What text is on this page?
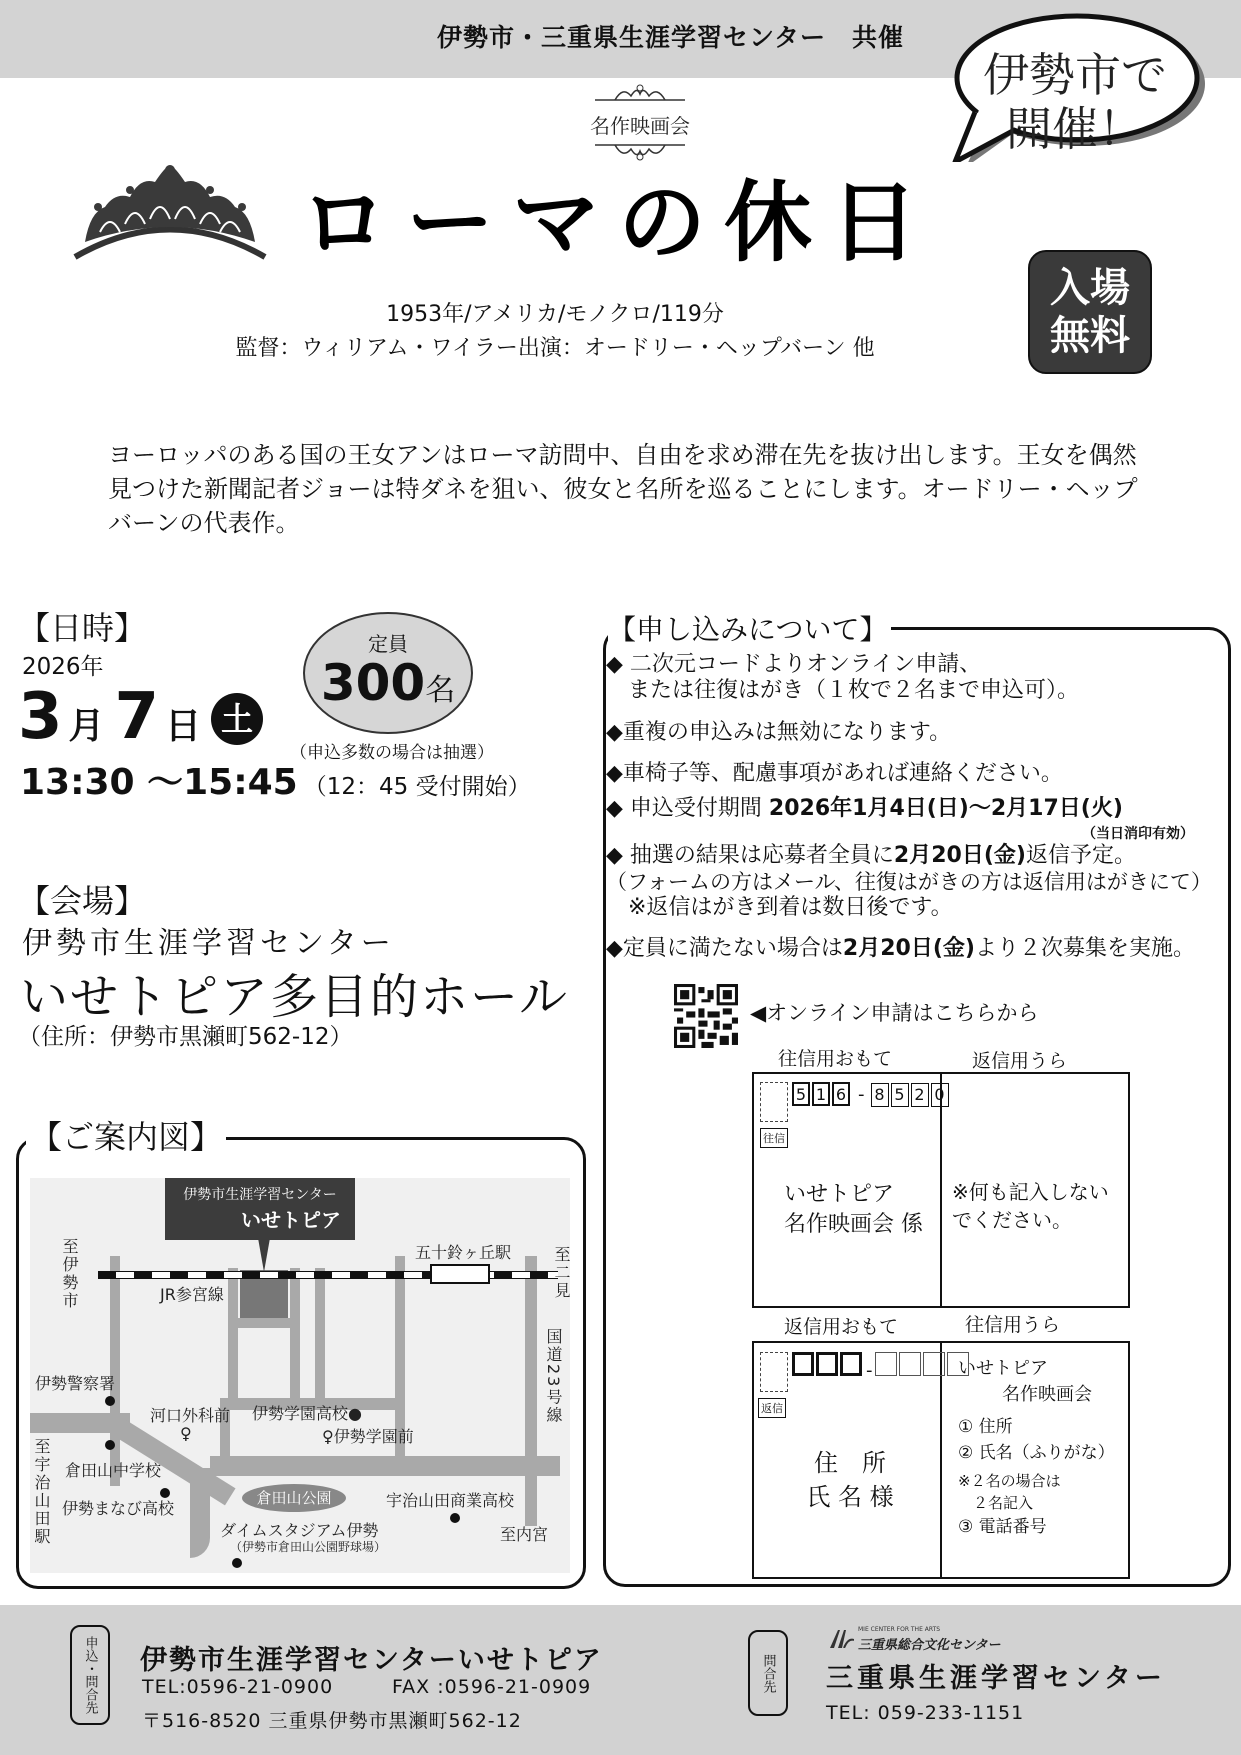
伊勢市・三重県生涯学習センター　共催
伊勢市で
開催！
名作映画会
ローマの休日
入場
無料
1953年/アメリカ/モノクロ/119分
監督：ウィリアム・ワイラー出演：オードリー・ヘップバーン 他
ヨーロッパのある国の王女アンはローマ訪問中、自由を求め滞在先を抜け出します。王女を偶然見つけた新聞記者ジョーは特ダネを狙い、彼女と名所を巡ることにします。オードリー・ヘップバーンの代表作。
【日時】
2026年
3 月 7 日 土
13:30 ～15:45 （12：45 受付開始）
定員
300名
（申込多数の場合は抽選）
【会場】
伊勢市生涯学習センター
いせトピア多目的ホール
（住所：伊勢市黒瀬町562-12）
【申し込みについて】
◆ 二次元コードよりオンライン申請、
　または往復はがき（１枚で２名まで申込可）。
◆重複の申込みは無効になります。
◆車椅子等、配慮事項があれば連絡ください。
◆ 申込受付期間 2026年1月4日(日)～2月17日(火)
（当日消印有効）
◆ 抽選の結果は応募者全員に2月20日(金)返信予定。
（フォームの方はメール、往復はがきの方は返信用はがきにて）
　※返信はがき到着は数日後です。
◆定員に満たない場合は2月20日(金)より２次募集を実施。
◀オンライン申請はこちらから
往信用おもて	返信用うら
往信
5 1 6 - 8 5 2 0
いせトピア
名作映画会 係
※何も記入しない
でください。
返信用おもて	往信用うら
返信
-
住　所
氏 名 様
いせトピア
名作映画会
① 住所
② 氏名（ふりがな）
※２名の場合は
　２名記入
③ 電話番号
【ご案内図】
伊勢市生涯学習センター
いせトピア
JR参宮線
五十鈴ヶ丘駅
至伊勢市	至二見
国道23号線
伊勢警察署
河口外科前
♀
伊勢学園高校●
♀伊勢学園前
倉田山中学校
伊勢まなび高校
至宇治山田駅	倉田山公園	宇治山田商業高校
至内宮
ダイムスタジアム伊勢
（伊勢市倉田山公園野球場）
申込・問合先	伊勢市生涯学習センターいせトピア
TEL:0596-21-0900	FAX :0596-21-0909
〒516-8520 三重県伊勢市黒瀬町562-12
問合先
MIE CENTER FOR THE ARTS
三重県総合文化センター
三重県生涯学習センター
TEL: 059-233-1151
